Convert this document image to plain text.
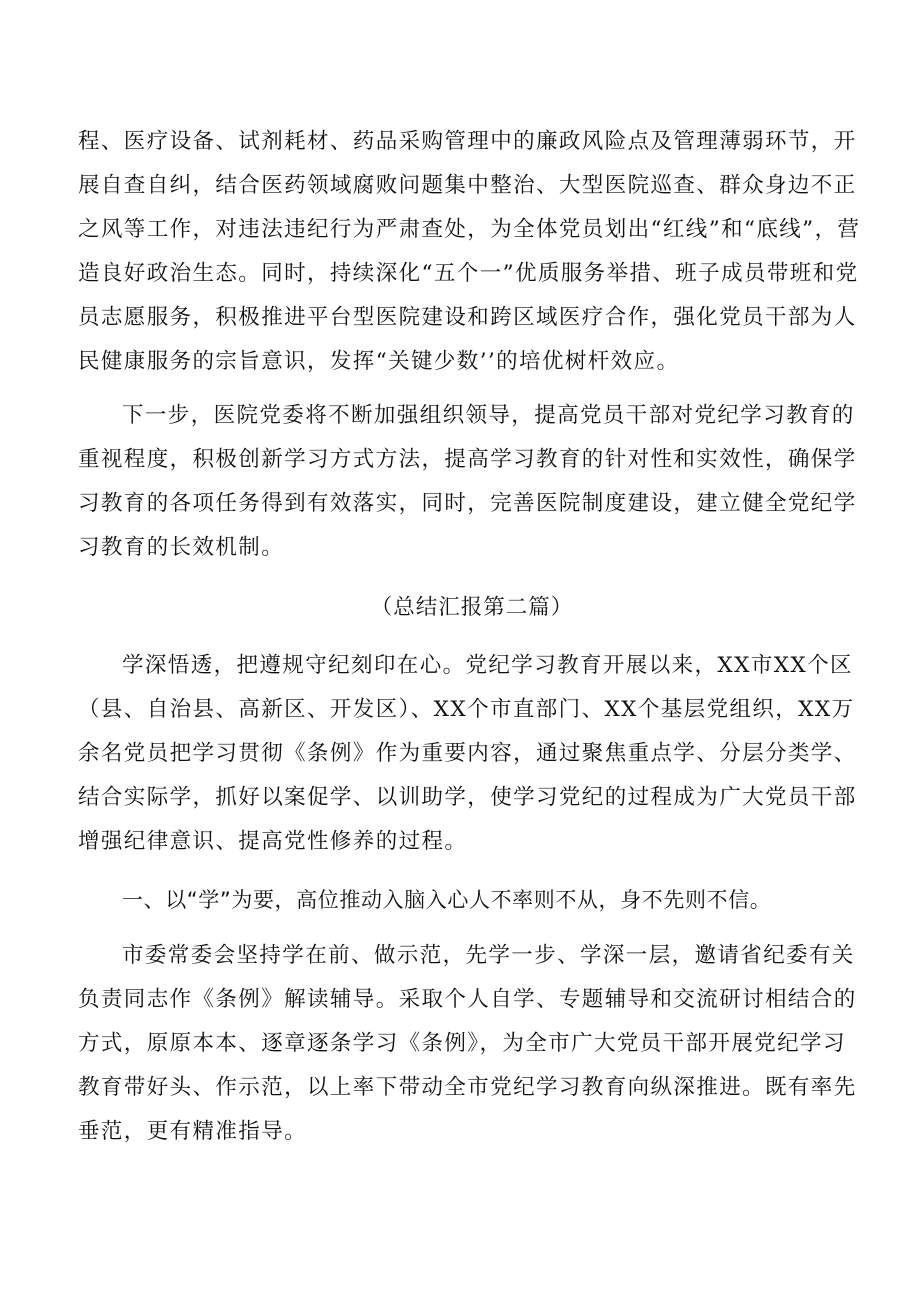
程、医疗设备、试剂耗材、药品采购管理中的廉政风险点及管理薄弱环节，开展自查自纠，结合医药领域腐败问题集中整治、大型医院巡查、群众身边不正之风等工作，对违法违纪行为严肃查处，为全体党员划出“红线”和“底线”，营造良好政治生态。同时，持续深化“五个一”优质服务举措、班子成员带班和党员志愿服务，积极推进平台型医院建设和跨区域医疗合作，强化党员干部为人民健康服务的宗旨意识，发挥“关键少数’’的培优树杆效应。

下一步，医院党委将不断加强组织领导，提高党员干部对党纪学习教育的重视程度，积极创新学习方式方法，提高学习教育的针对性和实效性，确保学习教育的各项任务得到有效落实，同时，完善医院制度建设，建立健全党纪学习教育的长效机制。

（总结汇报第二篇）

学深悟透，把遵规守纪刻印在心。党纪学习教育开展以来，XX市XX个区（县、自治县、高新区、开发区）、XX个市直部门、XX个基层党组织，XX万余名党员把学习贯彻《条例》作为重要内容，通过聚焦重点学、分层分类学、结合实际学，抓好以案促学、以训助学，使学习党纪的过程成为广大党员干部增强纪律意识、提高党性修养的过程。

一、以“学”为要，高位推动入脑入心人不率则不从，身不先则不信。

市委常委会坚持学在前、做示范，先学一步、学深一层，邀请省纪委有关负责同志作《条例》解读辅导。采取个人自学、专题辅导和交流研讨相结合的方式，原原本本、逐章逐条学习《条例》，为全市广大党员干部开展党纪学习教育带好头、作示范，以上率下带动全市党纪学习教育向纵深推进。既有率先垂范，更有精准指导。
